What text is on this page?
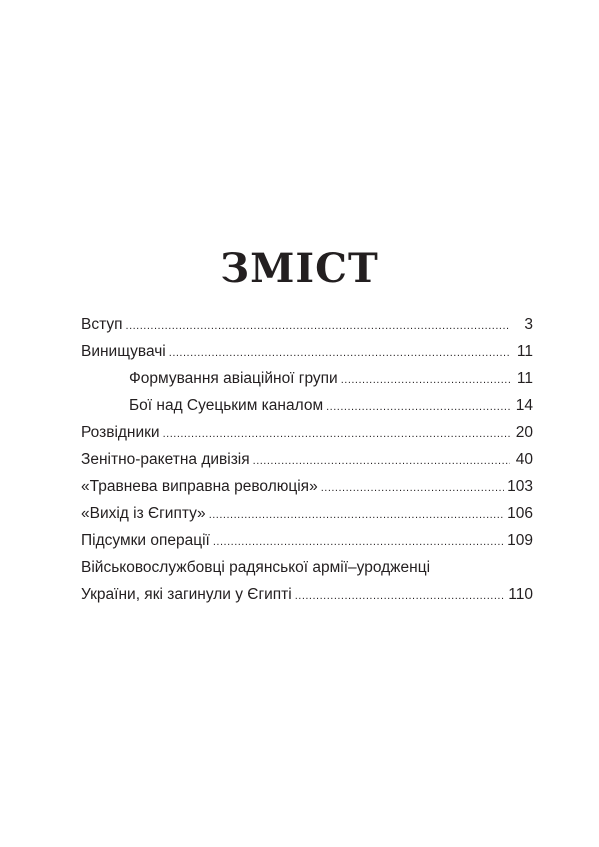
ЗМІСТ
Вступ .....	3
Винищувачі .....	11
Формування авіаційної групи .....	11
Бої над Суецьким каналом .....	14
Розвідники .....	20
Зенітно-ракетна дивізія .....	40
«Травнева виправна революція» .....	103
«Вихід із Єгипту» .....	106
Підсумки операції .....	109
Військовослужбовці радянської армії–уродженці
України, які загинули у Єгипті .....	110
